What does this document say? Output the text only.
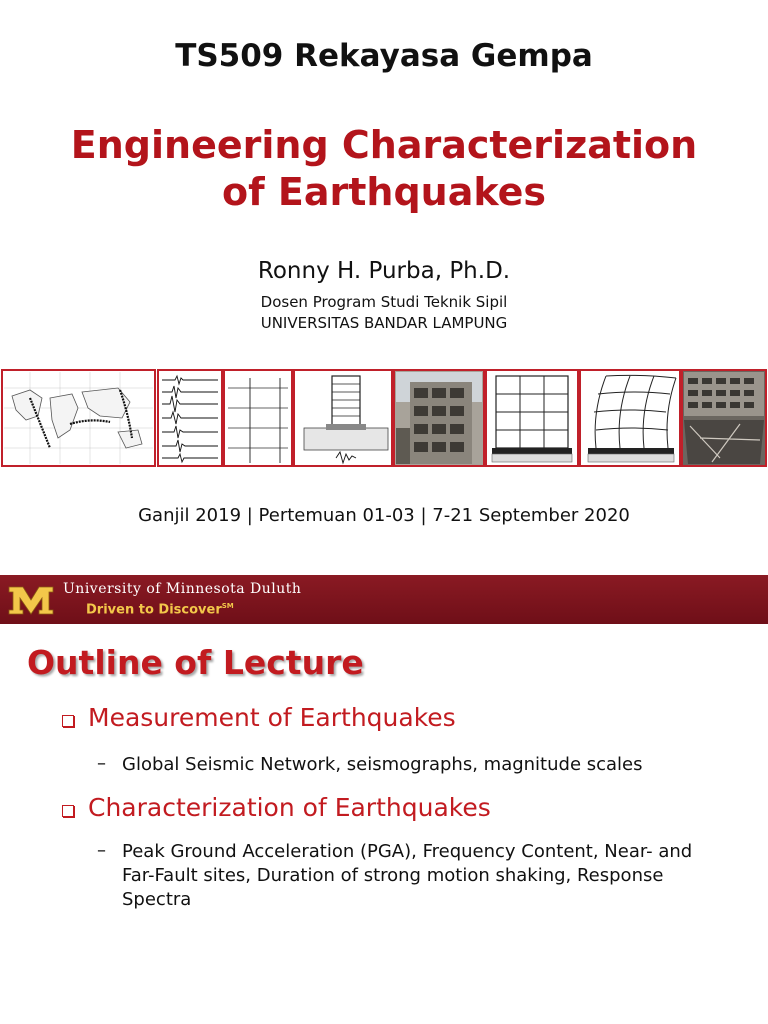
TS509 Rekayasa Gempa
Engineering Characterization
of Earthquakes
Ronny H. Purba, Ph.D.
Dosen Program Studi Teknik Sipil
UNIVERSITAS BANDAR LAMPUNG
Ganjil 2019 | Pertemuan 01-03 | 7-21 September 2020
University of Minnesota Duluth
Driven to Discover℠
Outline of Lecture
Measurement of Earthquakes
– Global Seismic Network, seismographs, magnitude scales
Characterization of Earthquakes
– Peak Ground Acceleration (PGA), Frequency Content, Near- and
Far-Fault sites, Duration of strong motion shaking, Response
Spectra
